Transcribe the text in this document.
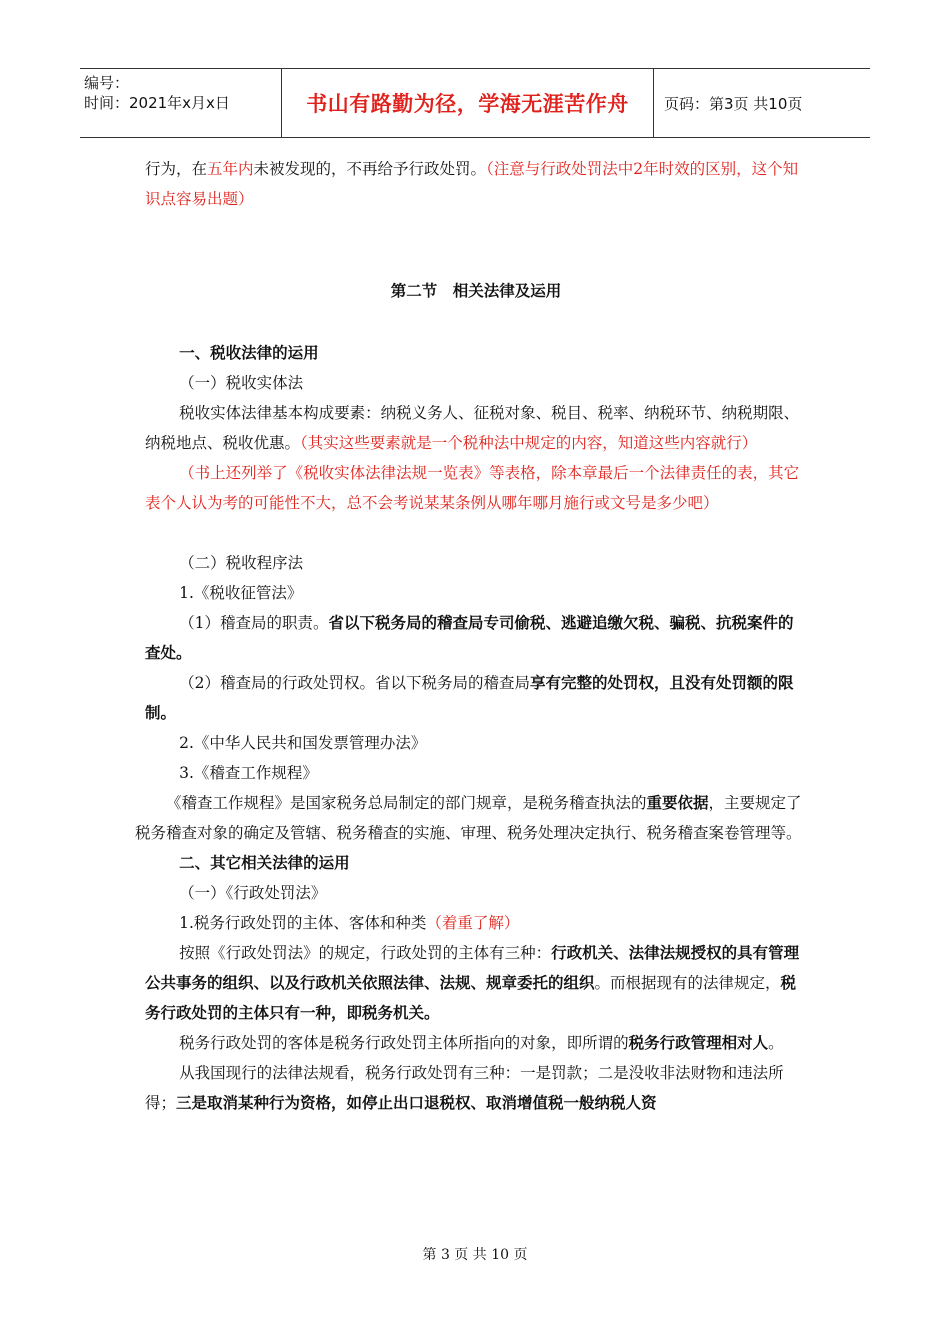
编号：
时间：2021年x月x日	书山有路勤为径，学海无涯苦作舟	页码：第3页 共10页

行为，在五年内未被发现的，不再给予行政处罚。（注意与行政处罚法中2年时效的区别，这个知识点容易出题）

第二节　相关法律及运用

一、税收法律的运用

（一）税收实体法

税收实体法律基本构成要素：纳税义务人、征税对象、税目、税率、纳税环节、纳税期限、纳税地点、税收优惠。（其实这些要素就是一个税种法中规定的内容，知道这些内容就行）

（书上还列举了《税收实体法律法规一览表》等表格，除本章最后一个法律责任的表，其它表个人认为考的可能性不大，总不会考说某某条例从哪年哪月施行或文号是多少吧）

（二）税收程序法

1.《税收征管法》

（1）稽查局的职责。省以下税务局的稽查局专司偷税、逃避追缴欠税、骗税、抗税案件的查处。

（2）稽查局的行政处罚权。省以下税务局的稽查局享有完整的处罚权，且没有处罚额的限制。

2.《中华人民共和国发票管理办法》

3.《稽查工作规程》

《稽查工作规程》是国家税务总局制定的部门规章，是税务稽查执法的重要依据，主要规定了税务稽查对象的确定及管辖、税务稽查的实施、审理、税务处理决定执行、税务稽查案卷管理等。

二、其它相关法律的运用

（一）《行政处罚法》

1.税务行政处罚的主体、客体和种类（着重了解）

按照《行政处罚法》的规定，行政处罚的主体有三种：行政机关、法律法规授权的具有管理公共事务的组织、以及行政机关依照法律、法规、规章委托的组织。而根据现有的法律规定，税务行政处罚的主体只有一种，即税务机关。

税务行政处罚的客体是税务行政处罚主体所指向的对象，即所谓的税务行政管理相对人。

从我国现行的法律法规看，税务行政处罚有三种：一是罚款；二是没收非法财物和违法所得；三是取消某种行为资格，如停止出口退税权、取消增值税一般纳税人资

第 3 页 共 10 页
